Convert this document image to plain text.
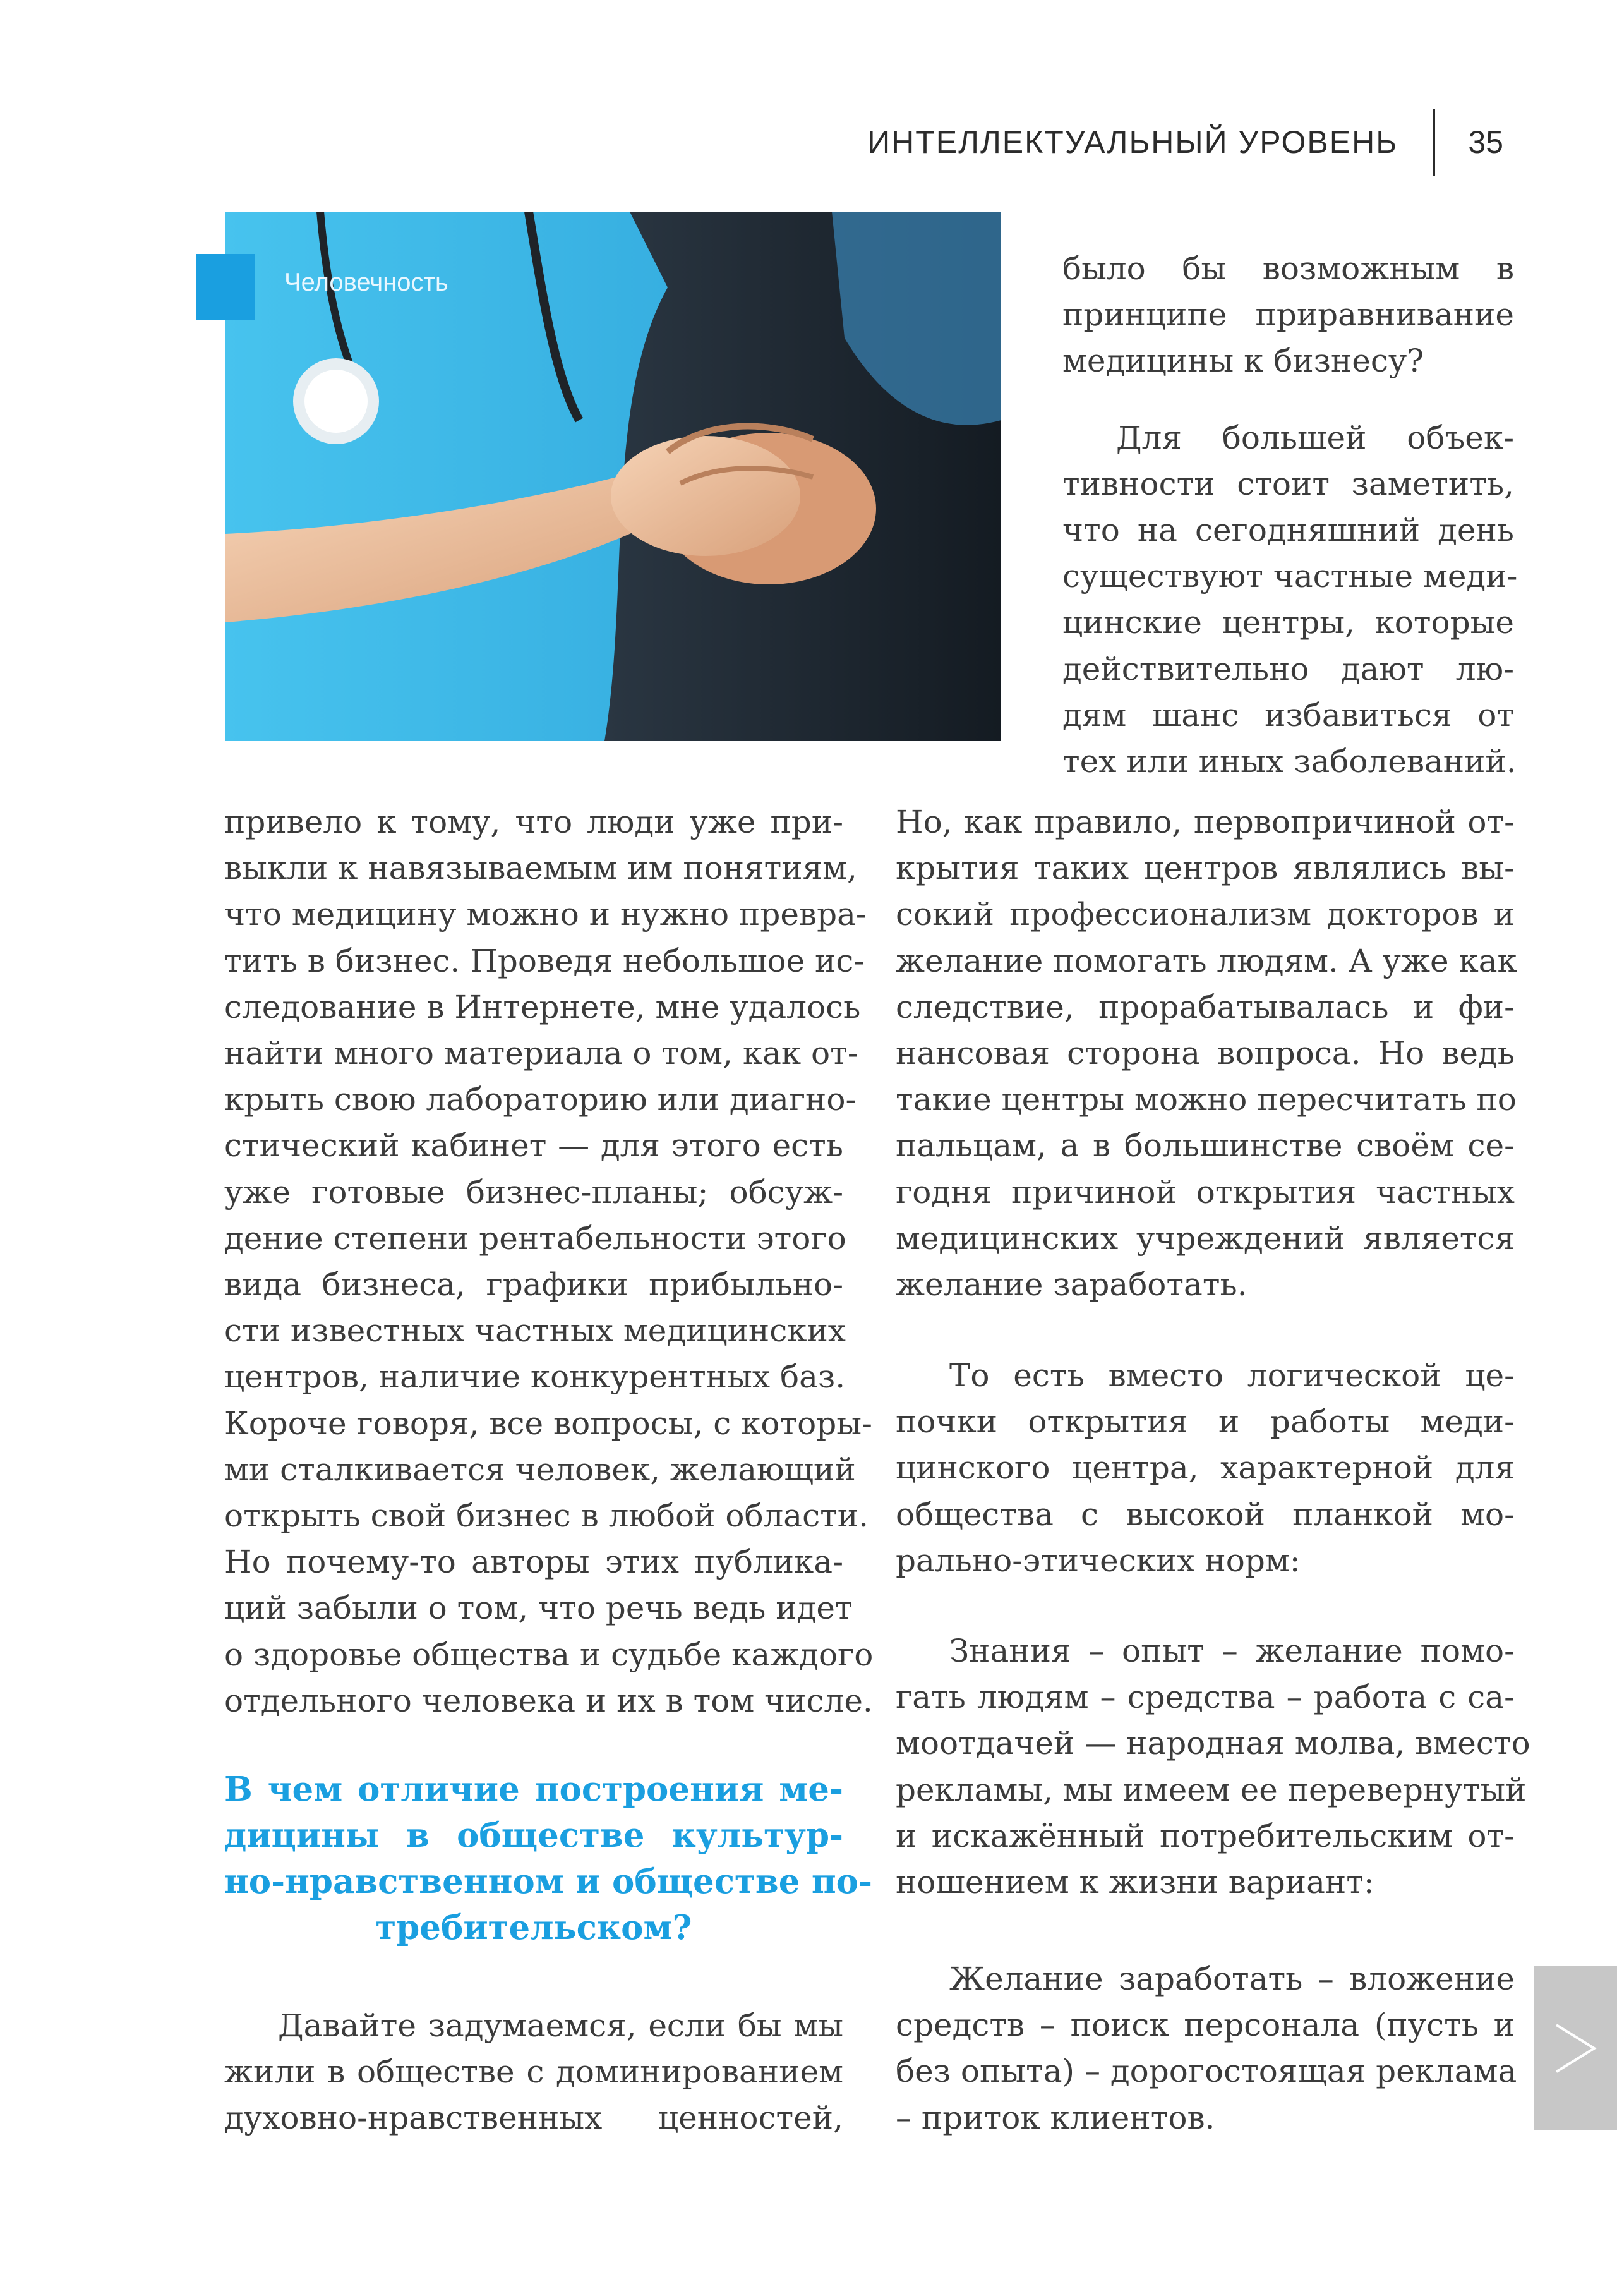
ИНТЕЛЛЕКТУАЛЬНЫЙ УРОВЕНЬ 35
Человечность	было бы возможным в
принципе приравнивание
медицины к бизнесу?
Для большей объек-
тивности стоит заметить,
что на сегодняшний день
существуют частные меди-
цинские центры, которые
действительно дают лю-
дям шанс избавиться от
тех или иных заболеваний.
привело к тому, что люди уже при-
выкли к навязываемым им понятиям,
что медицину можно и нужно превра-
тить в бизнес. Проведя небольшое ис-
следование в Интернете, мне удалось
найти много материала о том, как от-
крыть свою лабораторию или диагно-
стический кабинет — для этого есть
уже готовые бизнес-планы; обсуж-
дение степени рентабельности этого
вида бизнеса, графики прибыльно-
сти известных частных медицинских
центров, наличие конкурентных баз.
Короче говоря, все вопросы, с которы-
ми сталкивается человек, желающий
открыть свой бизнес в любой области.
Но почему-то авторы этих публика-
ций забыли о том, что речь ведь идет
о здоровье общества и судьбе каждого
отдельного человека и их в том числе.
В чем отличие построения ме-
дицины в обществе культур-
но-нравственном и обществе по-
требительском?
Давайте задумаемся, если бы мы
жили в обществе с доминированием
духовно-нравственных ценностей,
Но, как правило, первопричиной от-
крытия таких центров являлись вы-
сокий профессионализм докторов и
желание помогать людям. А уже как
следствие, прорабатывалась и фи-
нансовая сторона вопроса. Но ведь
такие центры можно пересчитать по
пальцам, а в большинстве своём се-
годня причиной открытия частных
медицинских учреждений является
желание заработать.
То есть вместо логической це-
почки открытия и работы меди-
цинского центра, характерной для
общества с высокой планкой мо-
рально-этических норм:
Знания – опыт – желание помо-
гать людям – средства – работа с са-
моотдачей — народная молва, вместо
рекламы, мы имеем ее перевернутый
и искажённый потребительским от-
ношением к жизни вариант:
Желание заработать – вложение
средств – поиск персонала (пусть и
без опыта) – дорогостоящая реклама
– приток клиентов.
